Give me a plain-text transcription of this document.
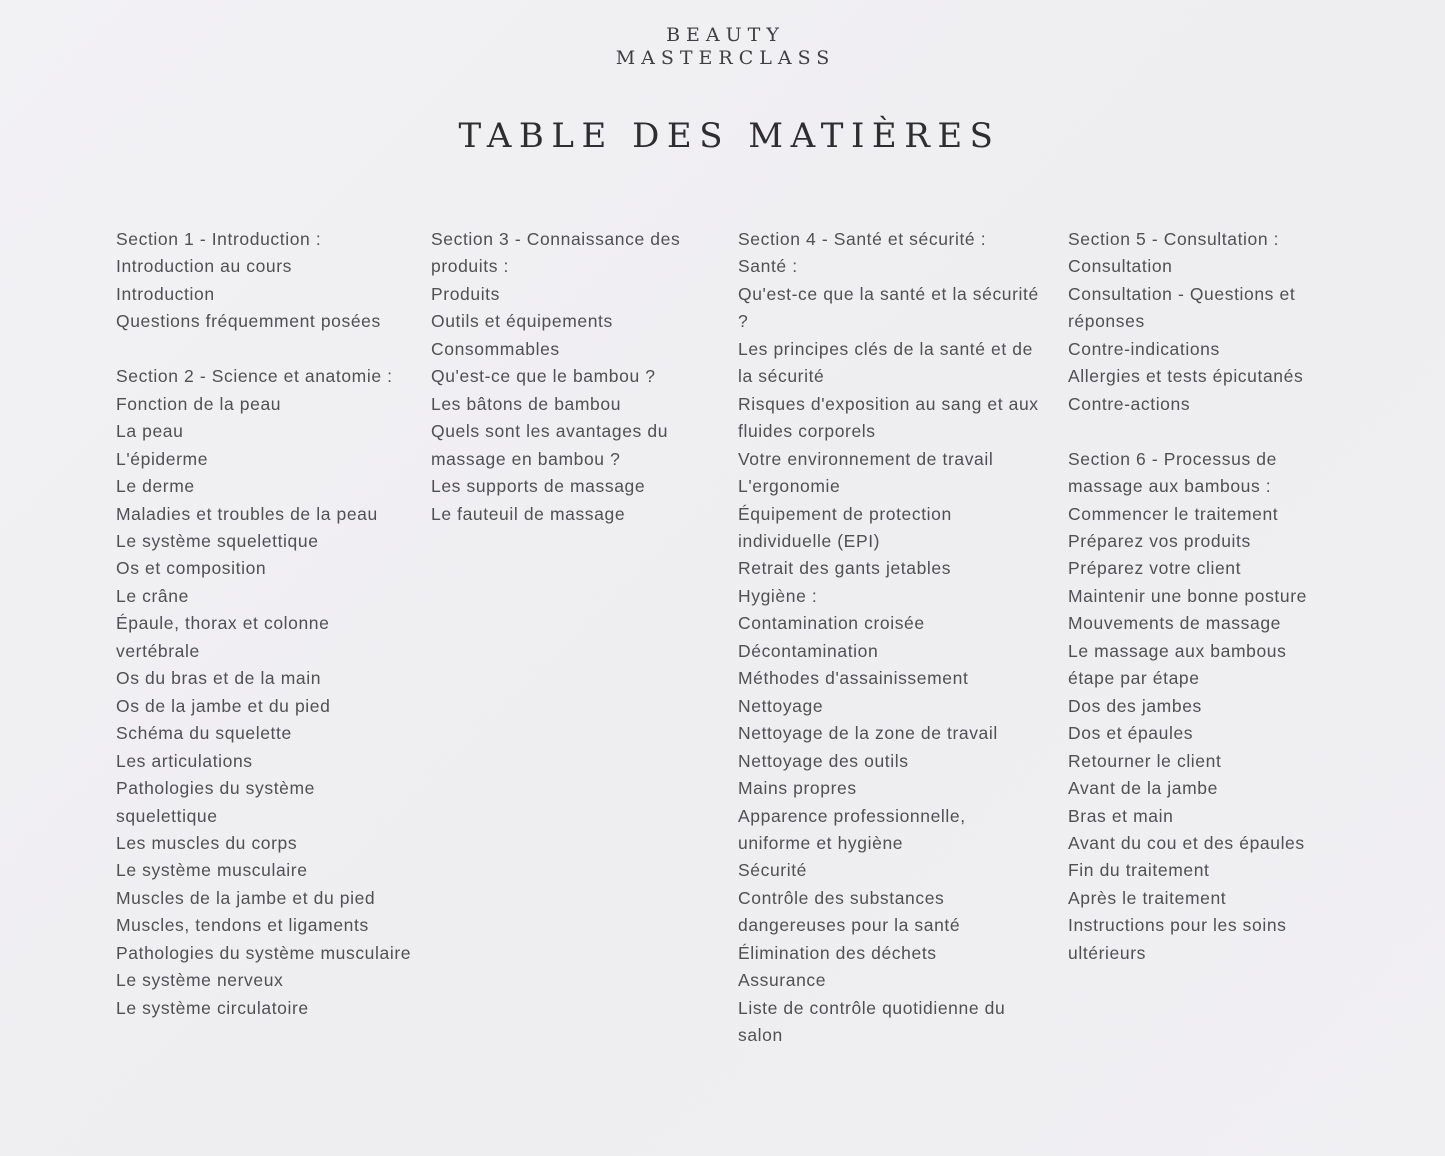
BEAUTY
MASTERCLASS
TABLE DES MATIÈRES
Section 1 - Introduction :
Introduction au cours
Introduction
Questions fréquemment posées
Section 2 - Science et anatomie :
Fonction de la peau
La peau
L'épiderme
Le derme
Maladies et troubles de la peau
Le système squelettique
Os et composition
Le crâne
Épaule, thorax et colonne vertébrale
Os du bras et de la main
Os de la jambe et du pied
Schéma du squelette
Les articulations
Pathologies du système squelettique
Les muscles du corps
Le système musculaire
Muscles de la jambe et du pied
Muscles, tendons et ligaments
Pathologies du système musculaire
Le système nerveux
Le système circulatoire
Section 3 - Connaissance des produits :
Produits
Outils et équipements
Consommables
Qu'est-ce que le bambou ?
Les bâtons de bambou
Quels sont les avantages du massage en bambou ?
Les supports de massage
Le fauteuil de massage
Section 4 - Santé et sécurité :
Santé :
Qu'est-ce que la santé et la sécurité ?
Les principes clés de la santé et de la sécurité
Risques d'exposition au sang et aux fluides corporels
Votre environnement de travail
L'ergonomie
Équipement de protection individuelle (EPI)
Retrait des gants jetables
Hygiène :
Contamination croisée
Décontamination
Méthodes d'assainissement
Nettoyage
Nettoyage de la zone de travail
Nettoyage des outils
Mains propres
Apparence professionnelle, uniforme et hygiène
Sécurité
Contrôle des substances dangereuses pour la santé
Élimination des déchets
Assurance
Liste de contrôle quotidienne du salon
Section 5 - Consultation :
Consultation
Consultation - Questions et réponses
Contre-indications
Allergies et tests épicutanés
Contre-actions
Section 6 - Processus de massage aux bambous :
Commencer le traitement
Préparez vos produits
Préparez votre client
Maintenir une bonne posture
Mouvements de massage
Le massage aux bambous étape par étape
Dos des jambes
Dos et épaules
Retourner le client
Avant de la jambe
Bras et main
Avant du cou et des épaules
Fin du traitement
Après le traitement
Instructions pour les soins ultérieurs
